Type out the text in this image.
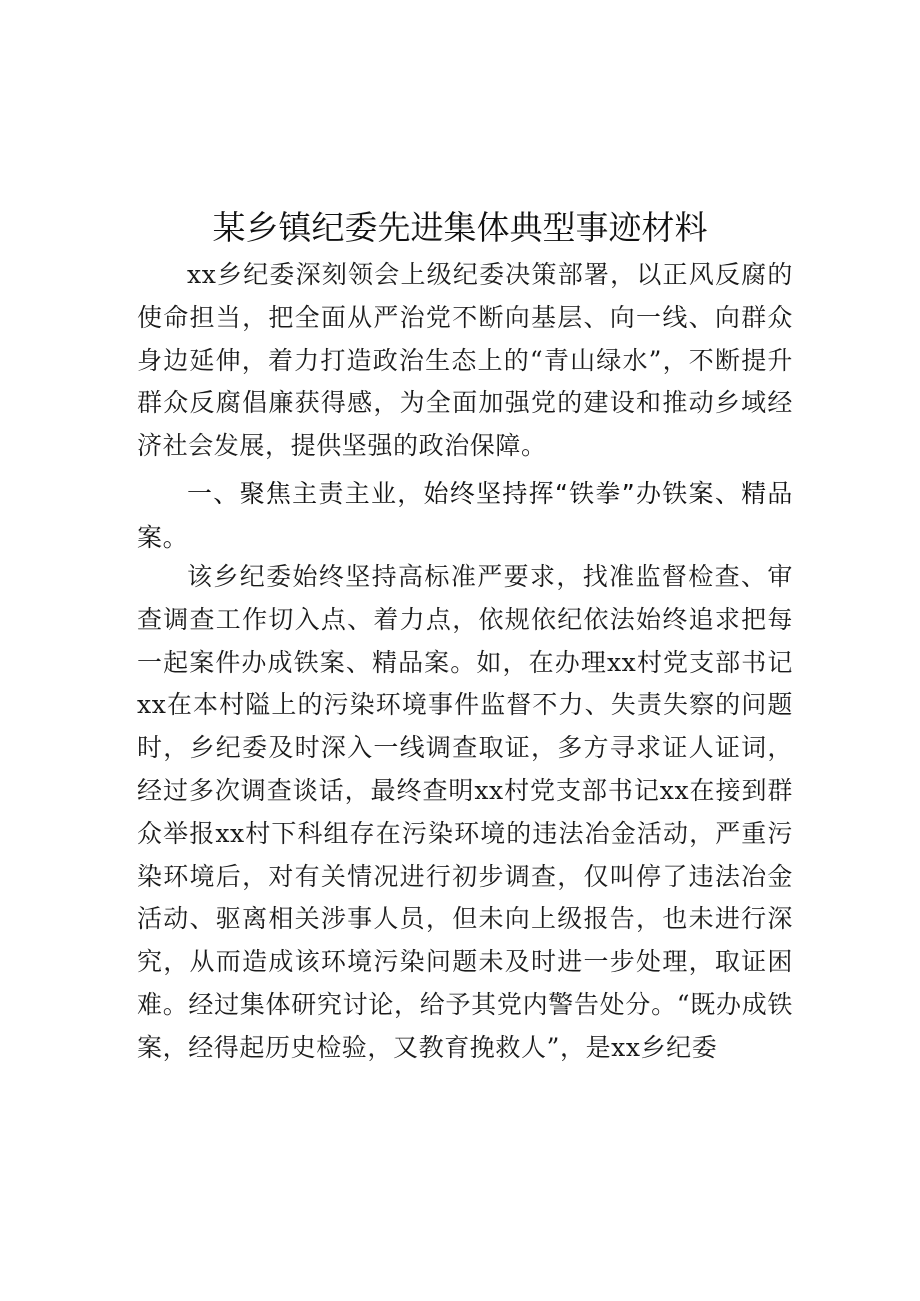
某乡镇纪委先进集体典型事迹材料

xx乡纪委深刻领会上级纪委决策部署，以正风反腐的使命担当，把全面从严治党不断向基层、向一线、向群众身边延伸，着力打造政治生态上的“青山绿水”，不断提升群众反腐倡廉获得感，为全面加强党的建设和推动乡域经济社会发展，提供坚强的政治保障。

一、聚焦主责主业，始终坚持挥“铁拳”办铁案、精品案。

该乡纪委始终坚持高标准严要求，找准监督检查、审查调查工作切入点、着力点，依规依纪依法始终追求把每一起案件办成铁案、精品案。如，在办理xx村党支部书记xx在本村隘上的污染环境事件监督不力、失责失察的问题时，乡纪委及时深入一线调查取证，多方寻求证人证词，经过多次调查谈话，最终查明xx村党支部书记xx在接到群众举报xx村下科组存在污染环境的违法冶金活动，严重污染环境后，对有关情况进行初步调查，仅叫停了违法冶金活动、驱离相关涉事人员，但未向上级报告，也未进行深究，从而造成该环境污染问题未及时进一步处理，取证困难。经过集体研究讨论，给予其党内警告处分。“既办成铁案，经得起历史检验，又教育挽救人”，是xx乡纪委
